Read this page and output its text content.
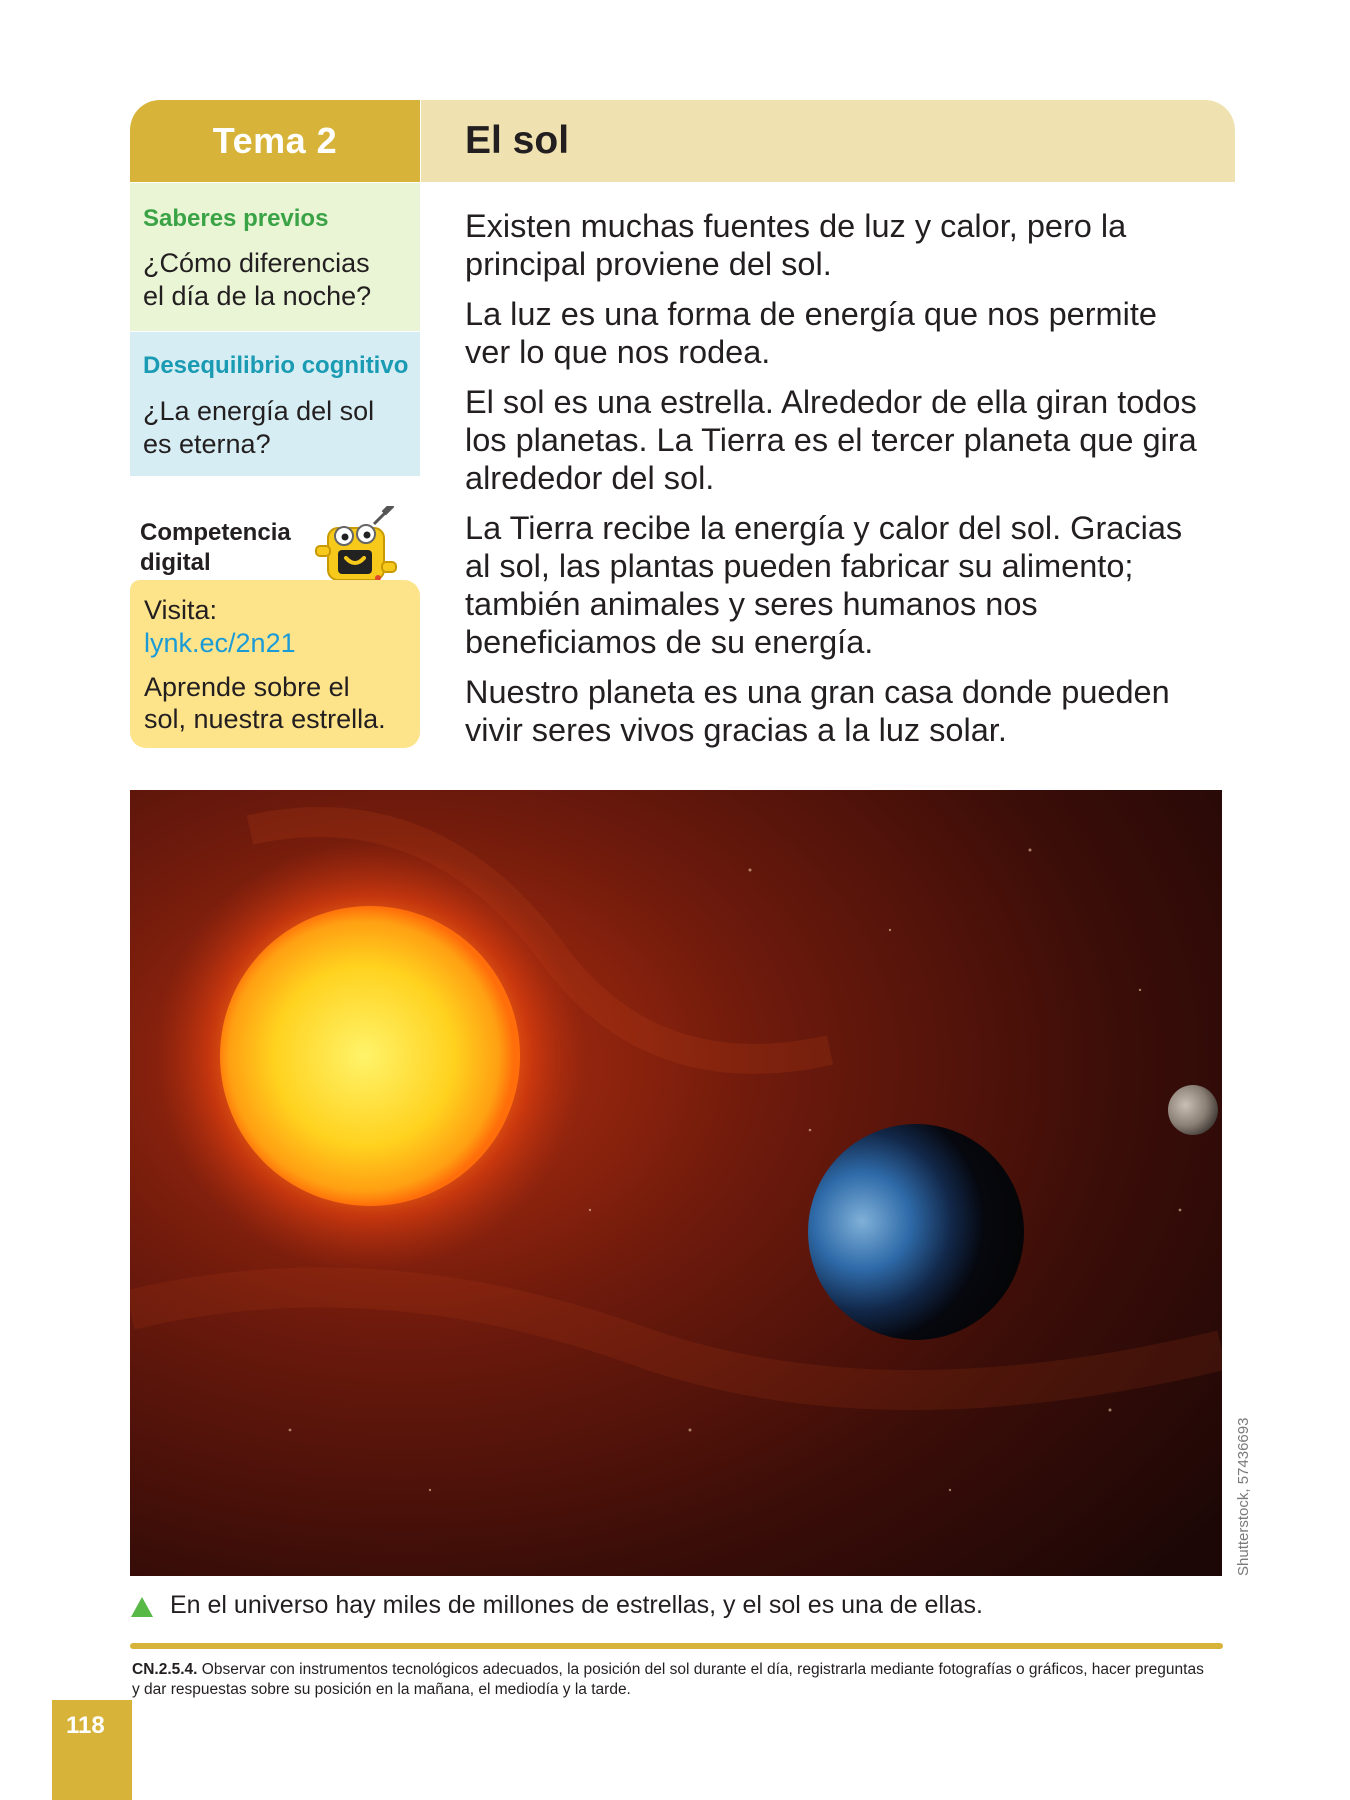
Tema 2	El sol
Saberes previos
¿Cómo diferencias
el día de la noche?
Desequilibrio cognitivo
¿La energía del sol
es eterna?
Competencia
digital
Visita:
lynk.ec/2n21
Aprende sobre el
sol, nuestra estrella.

Existen muchas fuentes de luz y calor, pero la
principal proviene del sol.

La luz es una forma de energía que nos permite
ver lo que nos rodea.

El sol es una estrella. Alrededor de ella giran todos
los planetas. La Tierra es el tercer planeta que gira
alrededor del sol.

La Tierra recibe la energía y calor del sol. Gracias
al sol, las plantas pueden fabricar su alimento;
también animales y seres humanos nos
beneficiamos de su energía.

Nuestro planeta es una gran casa donde pueden
vivir seres vivos gracias a la luz solar.

Shutterstock, 57436693
En el universo hay miles de millones de estrellas, y el sol es una de ellas.
CN.2.5.4. Observar con instrumentos tecnológicos adecuados, la posición del sol durante el día, registrarla mediante fotografías o gráficos, hacer preguntas
y dar respuestas sobre su posición en la mañana, el mediodía y la tarde.
118
